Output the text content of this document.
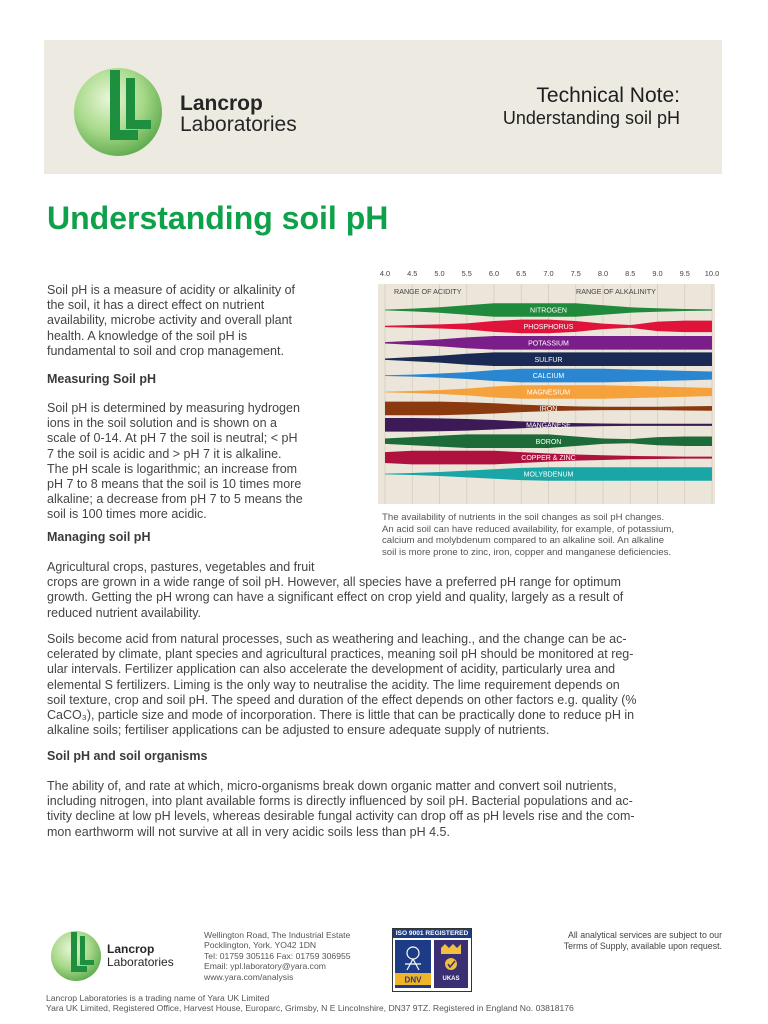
Lancrop
Laboratories
Technical Note:
Understanding soil pH
Understanding soil pH

Soil pH is a measure of acidity or alkalinity of

the soil, it has a direct effect on nutrient

availability, microbe activity and overall plant

health. A knowledge of the soil pH is

fundamental to soil and crop management.

Measuring Soil pH

Soil pH is determined by measuring hydrogen

ions in the soil solution and is shown on a

scale of 0-14. At pH 7 the soil is neutral; < pH

7 the soil is acidic and > pH 7 it is alkaline.

The pH scale is logarithmic; an increase from

pH 7 to 8 means that the soil is 10 times more

alkaline; a decrease from pH 7 to 5 means the

soil is 100 times more acidic.

Managing soil pH

Agricultural crops, pastures, vegetables and fruit

crops are grown in a wide range of soil pH. However, all species have a preferred pH range for optimum

growth. Getting the pH wrong can have a significant effect on crop yield and quality, largely as a result of

reduced nutrient availability.

Soils become acid from natural processes, such as weathering and leaching., and the change can be ac-

celerated by climate, plant species and agricultural practices, meaning soil pH should be monitored at reg-

ular intervals. Fertilizer application can also accelerate the development of acidity, particularly urea and

elemental S fertilizers. Liming is the only way to neutralise the acidity. The lime requirement depends on

soil texture, crop and soil pH. The speed and duration of the effect depends on other factors e.g. quality (%

CaCO₃), particle size and mode of incorporation. There is little that can be practically done to reduce pH in

alkaline soils; fertiliser applications can be adjusted to ensure adequate supply of nutrients.

Soil pH and soil organisms

The ability of, and rate at which, micro-organisms break down organic matter and convert soil nutrients,

including nitrogen, into plant available forms is directly influenced by soil pH. Bacterial populations and ac-

tivity decline at low pH levels, whereas desirable fungal activity can drop off as pH levels rise and the com-

mon earthworm will not survive at all in very acidic soils less than pH 4.5.

4.0 4.5 5.0 5.5 6.0 6.5 7.0 7.5 8.0 8.5 9.0 9.5 10.0
RANGE OF ACIDITY	RANGE OF ALKALINITY
NITROGEN
PHOSPHORUS
POTASSIUM
SULFUR
CALCIUM
MAGNESIUM
IRON
MANGANESE
BORON
COPPER & ZINC
MOLYBDENUM
The availability of nutrients in the soil changes as soil pH changes.
An acid soil can have reduced availability, for example, of potassium,
calcium and molybdenum compared to an alkaline soil. An alkaline
soil is more prone to zinc, iron, copper and manganese deficiencies.
Lancrop
Laboratories
Wellington Road, The Industrial Estate
Pocklington, York. YO42 1DN
Tel: 01759 305116 Fax: 01759 306955
Email: ypl.laboratory@yara.com
www.yara.com/analysis
ISO 9001 REGISTERED
DNV	UKAS
All analytical services are subject to our
Terms of Supply, available upon request.
Lancrop Laboratories is a trading name of Yara UK Limited
Yara UK Limited, Registered Office, Harvest House, Europarc, Grimsby, N E Lincolnshire, DN37 9TZ. Registered in England No. 03818176
